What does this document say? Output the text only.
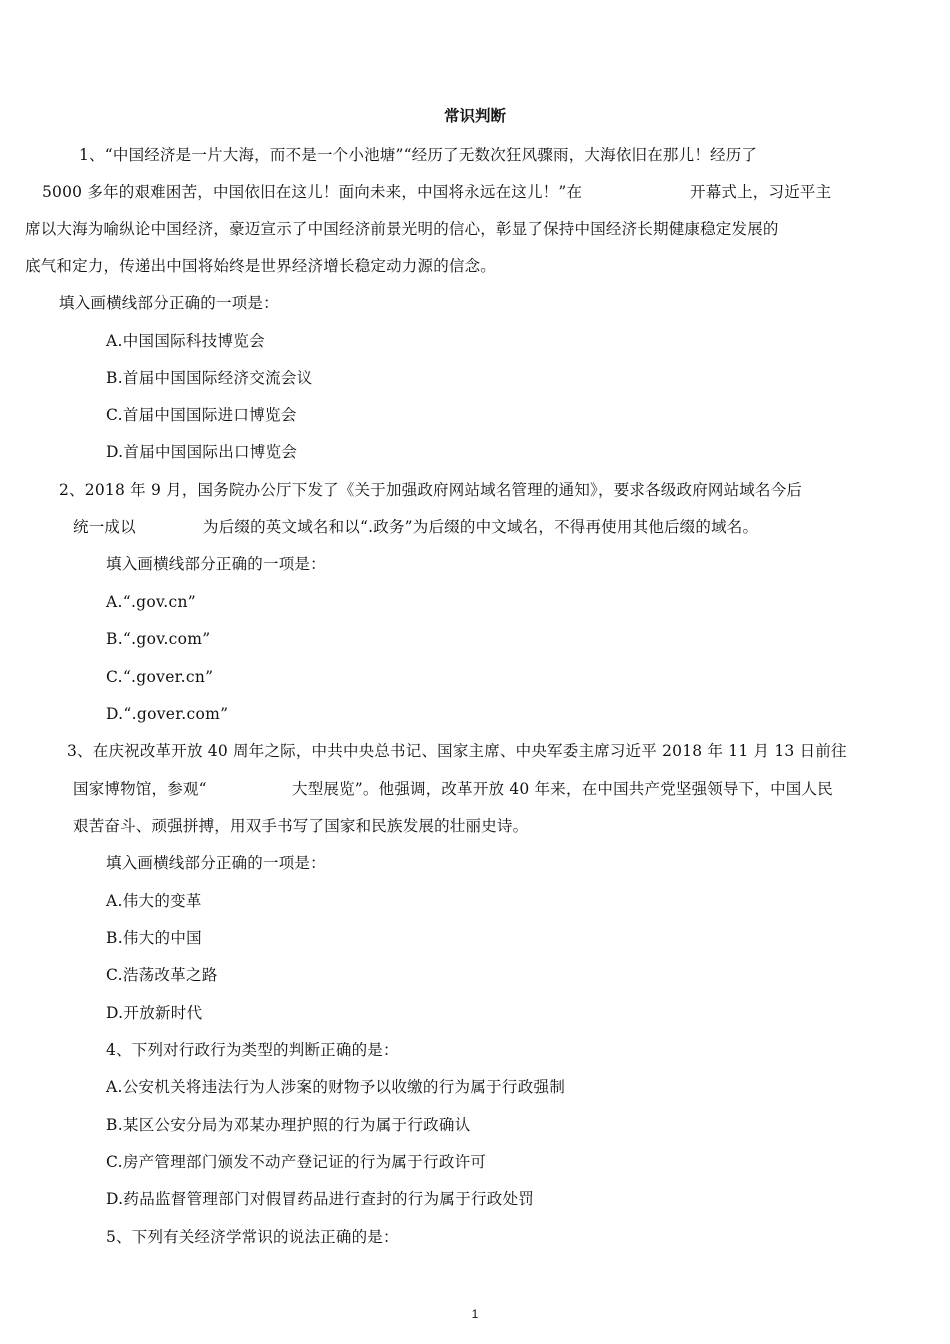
常识判断

1、“中国经济是一片大海，而不是一个小池塘”“经历了无数次狂风骤雨，大海依旧在那儿！经历了

5000 多年的艰难困苦，中国依旧在这儿！面向未来，中国将永远在这儿！”在	开幕式上，习近平主

席以大海为喻纵论中国经济，豪迈宣示了中国经济前景光明的信心，彰显了保持中国经济长期健康稳定发展的

底气和定力，传递出中国将始终是世界经济增长稳定动力源的信念。

填入画横线部分正确的一项是：

A.中国国际科技博览会

B.首届中国国际经济交流会议

C.首届中国国际进口博览会

D.首届中国国际出口博览会

2、2018 年 9 月，国务院办公厅下发了《关于加强政府网站域名管理的通知》，要求各级政府网站域名今后

统一成以	为后缀的英文域名和以“.政务”为后缀的中文域名，不得再使用其他后缀的域名。

填入画横线部分正确的一项是：

A.“.gov.cn”

B.“.gov.com”

C.“.gover.cn”

D.“.gover.com”

3、在庆祝改革开放 40 周年之际，中共中央总书记、国家主席、中央军委主席习近平 2018 年 11 月 13 日前往

国家博物馆，参观“	大型展览”。他强调，改革开放 40 年来，在中国共产党坚强领导下，中国人民

艰苦奋斗、顽强拼搏，用双手书写了国家和民族发展的壮丽史诗。

填入画横线部分正确的一项是：

A.伟大的变革

B.伟大的中国

C.浩荡改革之路

D.开放新时代

4、下列对行政行为类型的判断正确的是：

A.公安机关将违法行为人涉案的财物予以收缴的行为属于行政强制

B.某区公安分局为邓某办理护照的行为属于行政确认

C.房产管理部门颁发不动产登记证的行为属于行政许可

D.药品监督管理部门对假冒药品进行查封的行为属于行政处罚

5、下列有关经济学常识的说法正确的是：

1
